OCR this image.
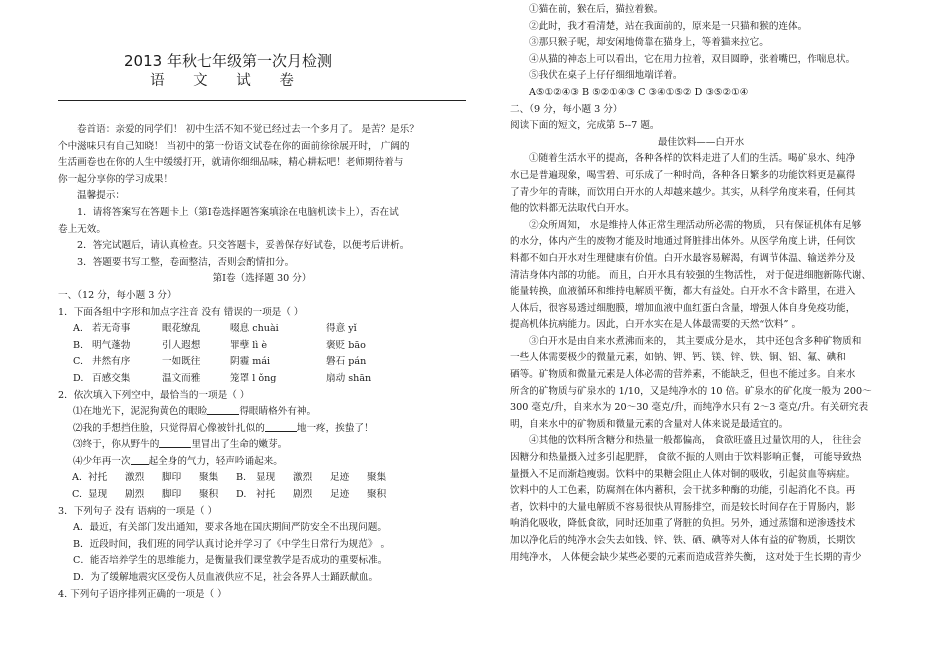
2013 年秋七年级第一次月检测
语 文 试 卷

卷首语：亲爱的同学们！ 初中生活不知不觉已经过去一个多月了。 是苦？是乐？

个中滋味只有自己知晓！ 当初中的第一份语文试卷在你的面前徐徐展开时， 广阔的

生活画卷也在你的人生中缓缓打开，就请你细细品味，精心耕耘吧！老师期待着与

你一起分享你的学习成果！

温馨提示：

1．请将答案写在答题卡上（第Ⅰ卷选择题答案填涂在电脑机读卡上），否在试

卷上无效。

2．答完试题后，请认真检查。只交答题卡，妥善保存好试卷，以便考后讲析。

3．答题要书写工整，卷面整洁，否则会酌情扣分。

第Ⅰ卷（选择题 30 分）

一、（12 分，每小题 3 分）

1．下面各组中字形和加点字注音 没有 错误的一项是（ ）

A. 若无奇事	眼花缭乱	啜息 chuài	得意 yǐ
B. 明气蓬勃	引人遐想	罪孽 lì è	褒贬 bāo
C. 井然有序	一如既往	阴霾 mái	磐石 pán
D. 百感交集	温文而雅	笼罩 l ǒng	扇动 shān

2．依次填入下列空中，最恰当的一项是（ ）

⑴在地光下，泥泥狗黄色的眼睑	得眼睛格外有神。

⑵我的手想挡住脸，只觉得眉心像被针扎似的	地一疼，挨蛰了！

⑶终于，你从野牛的	里冒出了生命的嫩芽。

⑷少年再一次 起全身的气力，轻声吟诵起来。

A. 衬托	激烈	脚印	聚集	B.	显现	激烈	足迹	聚集
C. 显现	剧烈	脚印	聚积	D. 衬托	剧烈	足迹	聚积

3．下列句子 没有 语病的一项是（ ）

A．最近，有关部门发出通知，要求各地在国庆期间严防安全不出现问题。

B．近段时间，我们班的同学认真讨论并学习了《中学生日常行为规范》 。

C．能否培养学生的思维能力，是衡量我们课堂教学是否成功的重要标准。

D．为了缓解地震灾区受伤人员血液供应不足，社会各界人士踊跃献血。

4. 下列句子语序排列正确的一项是（ ）

①猫在前，猴在后，猫拉着猴。

②此时，我才看清楚，站在我面前的，原来是一只猫和猴的连体。

③那只猴子呢，却安闲地倚靠在猫身上，等着猫来拉它。

④从猫的神态上可以看出，它在用力拉着，双目圆睁，张着嘴巴，作喘息状。

⑤我伏在桌子上仔仔细细地端详着。

A⑤①②④③ B ⑤②①④③ C ③④①⑤② D ③⑤②①④

二、（9 分，每小题 3 分）

阅读下面的短文，完成第 5--7 题。

最佳饮料——白开水

①随着生活水平的提高，各种各样的饮料走进了人们的生活。喝矿泉水、纯净

水已是普遍现象，喝雪碧、可乐成了一种时尚，各种各日繁多的功能饮料更是赢得

了青少年的青睐，而饮用白开水的人却越来越少。其实，从科学角度来看，任何其

他的饮料都无法取代白开水。

②众所周知， 水是维持人体正常生理活动所必需的物质， 只有保证机体有足够

的水分，体内产生的废物才能及时地通过肾脏排出体外。从医学角度上讲，任何饮

料都不如白开水对生理健康有价值。白开水最容易解渴，有调节体温、输送养分及

清洁身体内部的功能。 而且，白开水具有较强的生物活性， 对于促进细胞新陈代谢、

能量转换，血液循环和维持电解质平衡，都大有益处。白开水不含卡路里，在进入

人体后，很容易透过细胞膜，增加血液中血红蛋白含量，增强人体自身免疫功能，

提高机体抗病能力。因此，白开水实在是人体最需要的天然“饮料” 。

③白开水是由自来水煮沸而来的， 其主要成分是水， 其中还包含多种矿物质和

一些人体需要极少的微量元素，如钠、钾、钙、镁、锌、铁、铜、铝、氟、碘和

硒等。矿物质和微量元素是人体必需的营养素，不能缺乏，但也不能过多。自来水

所含的矿物质与矿泉水的 1/10，又是纯净水的 10 倍。矿泉水的矿化度一般为 200～

300 毫克/升，自来水为 20～30 毫克/升，而纯净水只有 2～3 毫克/升。有关研究表

明，自来水中的矿物质和微量元素的含量对人体来说是最适宜的。

④其他的饮料所含糖分和热量一般都偏高， 食欲旺盛且过量饮用的人， 往往会

因糖分和热量摄入过多引起肥胖， 食欲不振的人则由于饮料影响正餐， 可能导致热

量摄入不足而渐趋瘦弱。饮料中的果糖会阻止人体对铜的吸收，引起贫血等病症。

饮料中的人工色素，防腐剂在体内蓄积，会干扰多种酶的功能，引起消化不良。再

者，饮料中的大量电解质不容易很快从胃肠排空，而是较长时间存在于胃肠内，影

响消化吸收，降低食欲，同时还加重了肾脏的负担。另外，通过蒸馏和逆渗透技术

加以净化后的纯净水会失去如钱、锌、铁、硒、碘等对人体有益的矿物质，长期饮

用纯净水， 人体便会缺少某些必要的元素而造成营养失衡， 这对处于生长期的青少
